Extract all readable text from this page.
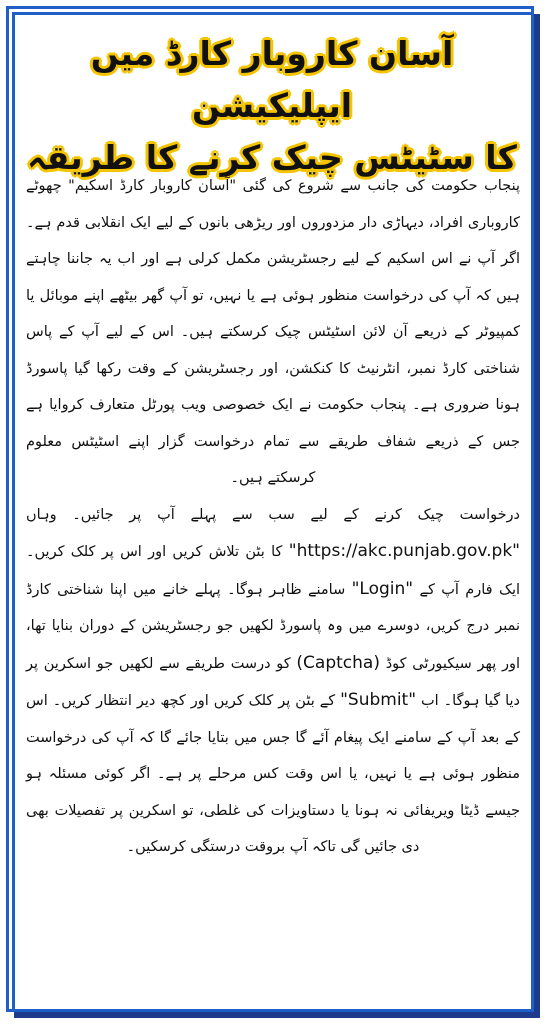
آسان کاروبار کارڈ میں ایپلیکیشن
کا سٹیٹس چیک کرنے کا طریقہ

پنجاب حکومت کی جانب سے شروع کی گئی "آسان کاروبار کارڈ اسکیم" چھوٹے کاروباری افراد، دیہاڑی دار مزدوروں اور ریڑھی بانوں کے لیے ایک انقلابی قدم ہے۔ اگر آپ نے اس اسکیم کے لیے رجسٹریشن مکمل کرلی ہے اور اب یہ جاننا چاہتے ہیں کہ آپ کی درخواست منظور ہوئی ہے یا نہیں، تو آپ گھر بیٹھے اپنے موبائل یا کمپیوٹر کے ذریعے آن لائن اسٹیٹس چیک کرسکتے ہیں۔ اس کے لیے آپ کے پاس شناختی کارڈ نمبر، انٹرنیٹ کا کنکشن، اور رجسٹریشن کے وقت رکھا گیا پاسورڈ ہونا ضروری ہے۔ پنجاب حکومت نے ایک خصوصی ویب پورٹل متعارف کروایا ہے جس کے ذریعے شفاف طریقے سے تمام درخواست گزار اپنے اسٹیٹس معلوم کرسکتے ہیں۔

درخواست چیک کرنے کے لیے سب سے پہلے آپ پر جائیں۔ وہاں "https://akc.punjab.gov.pk" کا بٹن تلاش کریں اور اس پر کلک کریں۔ ایک فارم آپ کے "Login" سامنے ظاہر ہوگا۔ پہلے خانے میں اپنا شناختی کارڈ نمبر درج کریں، دوسرے میں وہ پاسورڈ لکھیں جو رجسٹریشن کے دوران بنایا تھا، اور پھر سیکیورٹی کوڈ (Captcha) کو درست طریقے سے لکھیں جو اسکرین پر دیا گیا ہوگا۔ اب "Submit" کے بٹن پر کلک کریں اور کچھ دیر انتظار کریں۔ اس کے بعد آپ کے سامنے ایک پیغام آئے گا جس میں بتایا جائے گا کہ آپ کی درخواست منظور ہوئی ہے یا نہیں، یا اس وقت کس مرحلے پر ہے۔ اگر کوئی مسئلہ ہو جیسے ڈیٹا ویریفائی نہ ہونا یا دستاویزات کی غلطی، تو اسکرین پر تفصیلات بھی دی جائیں گی تاکہ آپ بروقت درستگی کرسکیں۔
